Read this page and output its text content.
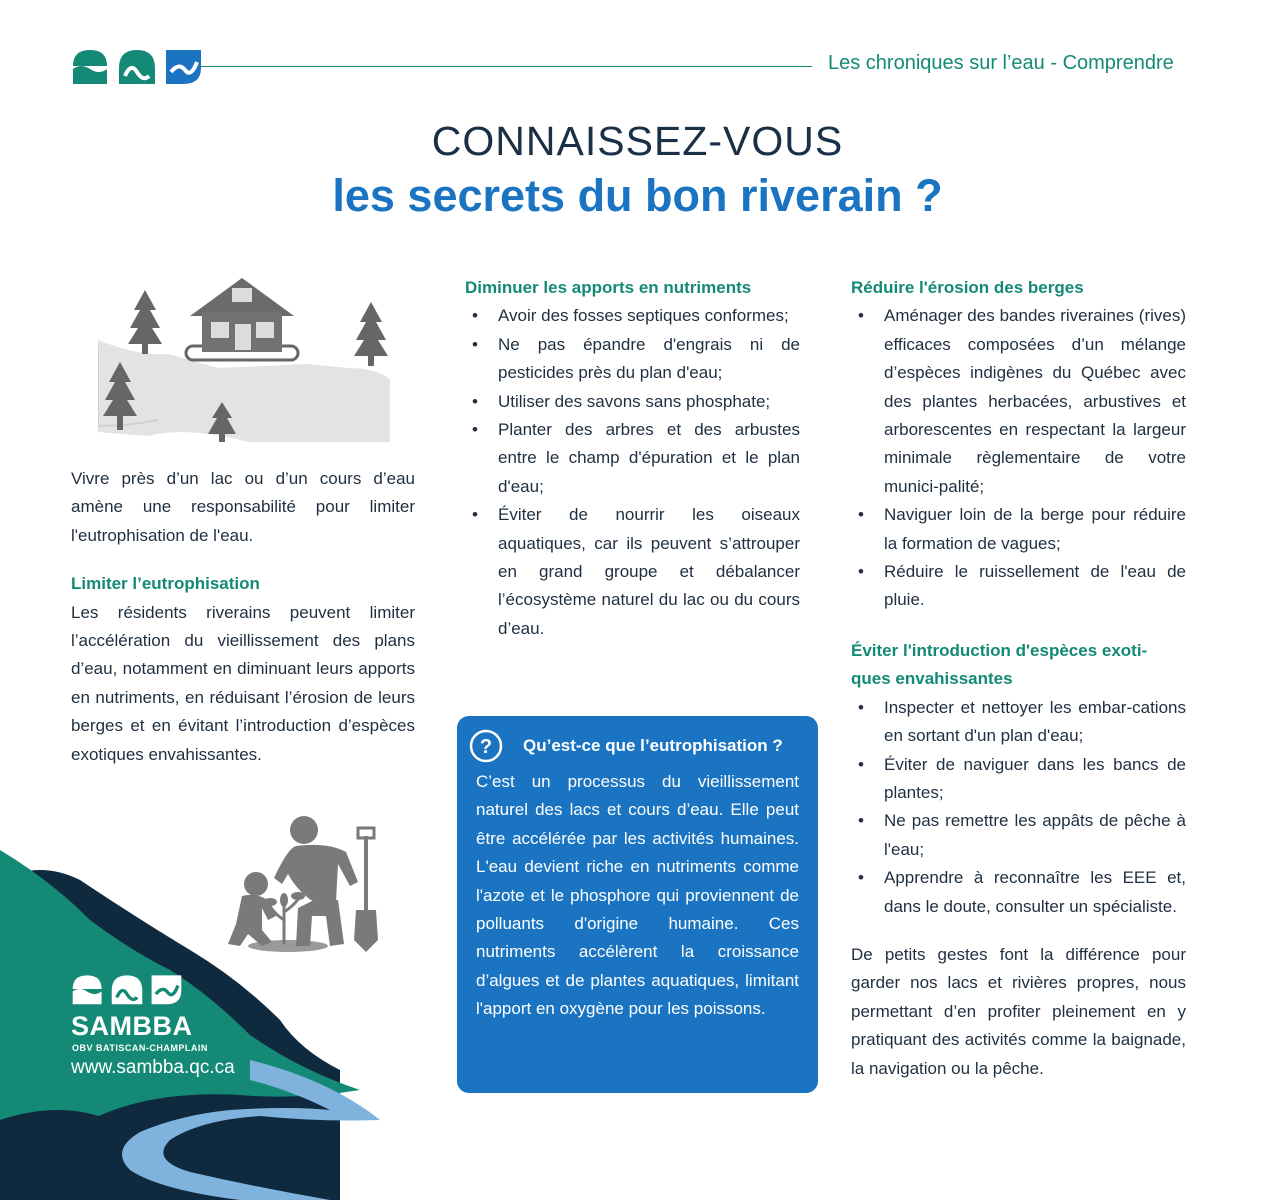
Les chroniques sur l’eau - Comprendre
CONNAISSEZ-VOUS
les secrets du bon riverain ?

Vivre près d’un lac ou d’un cours d’eau amène une responsabilité pour limiter l'eutrophisation de l'eau.

Limiter l’eutrophisation

Les résidents riverains peuvent limiter l’accélération du vieillissement des plans d’eau, notamment en diminuant leurs apports en nutriments, en réduisant l’érosion de leurs berges et en évitant l’introduction d’espèces exotiques envahissantes.

Diminuer les apports en nutriments
• Avoir des fosses septiques conformes;
• Ne pas épandre d'engrais ni de pesticides près du plan d'eau;
• Utiliser des savons sans phosphate;
• Planter des arbres et des arbustes entre le champ d'épuration et le plan d'eau;
• Éviter de nourrir les oiseaux aquatiques, car ils peuvent s’attrouper en grand groupe et débalancer l’écosystème naturel du lac ou du cours d’eau.
? Qu’est-ce que l’eutrophisation ?

C’est un processus du vieillissement naturel des lacs et cours d’eau. Elle peut être accélérée par les activités humaines. L'eau devient riche en nutriments comme l'azote et le phosphore qui proviennent de polluants d'origine humaine. Ces nutriments accélèrent la croissance d’algues et de plantes aquatiques, limitant l'apport en oxygène pour les poissons.

Réduire l'érosion des berges
• Aménager des bandes riveraines (rives) efficaces composées d’un mélange d’espèces indigènes du Québec avec des plantes herbacées, arbustives et arborescentes en respectant la largeur minimale règlementaire de votre munici-palité;
• Naviguer loin de la berge pour réduire la formation de vagues;
• Réduire le ruissellement de l'eau de pluie.
Éviter l'introduction d'espèces exoti-ques envahissantes
• Inspecter et nettoyer les embar-cations en sortant d'un plan d'eau;
• Éviter de naviguer dans les bancs de plantes;
• Ne pas remettre les appâts de pêche à l'eau;
• Apprendre à reconnaître les EEE et, dans le doute, consulter un spécialiste.

De petits gestes font la différence pour garder nos lacs et rivières propres, nous permettant d’en profiter pleinement en y pratiquant des activités comme la baignade, la navigation ou la pêche.

SAMBBA
OBV BATISCAN-CHAMPLAIN
www.sambba.qc.ca
